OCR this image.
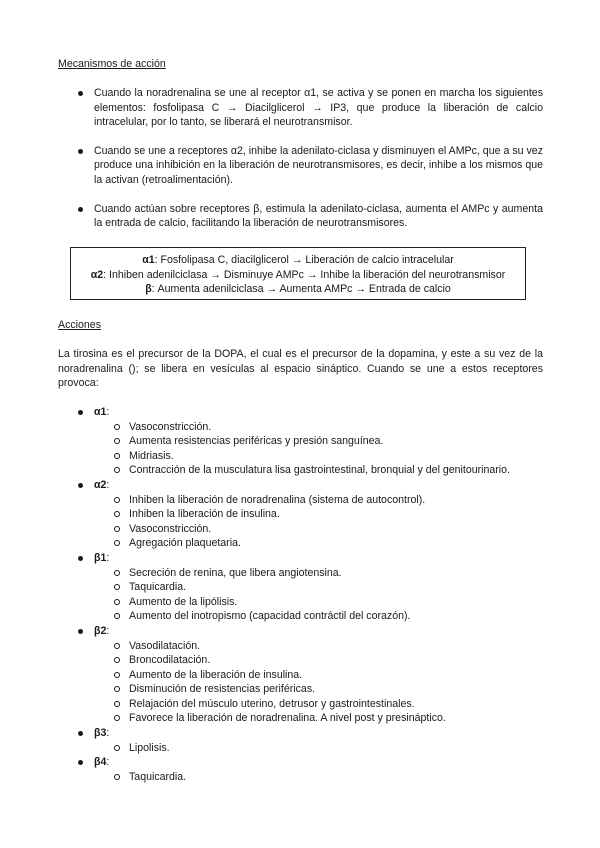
Mecanismos de acción
Cuando la noradrenalina se une al receptor α1, se activa y se ponen en marcha los siguientes elementos: fosfolipasa C → Diacilglicerol → IP3, que produce la liberación de calcio intracelular, por lo tanto, se liberará el neurotransmisor.
Cuando se une a receptores α2, inhibe la adenilato-ciclasa y disminuyen el AMPc, que a su vez produce una inhibición en la liberación de neurotransmisores, es decir, inhibe a los mismos que la activan (retroalimentación).
Cuando actúan sobre receptores β, estimula la adenilato-ciclasa, aumenta el AMPc y aumenta la entrada de calcio, facilitando la liberación de neurotransmisores.
α1: Fosfolipasa C, diacilglicerol → Liberación de calcio intracelular
α2: Inhiben adenilciclasa → Disminuye AMPc → Inhibe la liberación del neurotransmisor
β: Aumenta adenilciclasa → Aumenta AMPc → Entrada de calcio
Acciones
La tirosina es el precursor de la DOPA, el cual es el precursor de la dopamina, y este a su vez de la noradrenalina (); se libera en vesículas al espacio sináptico. Cuando se une a estos receptores provoca:
α1:
Vasoconstricción.
Aumenta resistencias periféricas y presión sanguínea.
Midriasis.
Contracción de la musculatura lisa gastrointestinal, bronquial y del genitourinario.
α2:
Inhiben la liberación de noradrenalina (sistema de autocontrol).
Inhiben la liberación de insulina.
Vasoconstricción.
Agregación plaquetaria.
β1:
Secreción de renina, que libera angiotensina.
Taquicardia.
Aumento de la lipólisis.
Aumento del inotropismo (capacidad contráctil del corazón).
β2:
Vasodilatación.
Broncodilatación.
Aumento de la liberación de insulina.
Disminución de resistencias periféricas.
Relajación del músculo uterino, detrusor y gastrointestinales.
Favorece la liberación de noradrenalina. A nivel post y presináptico.
β3:
Lipolisis.
β4:
Taquicardia.
